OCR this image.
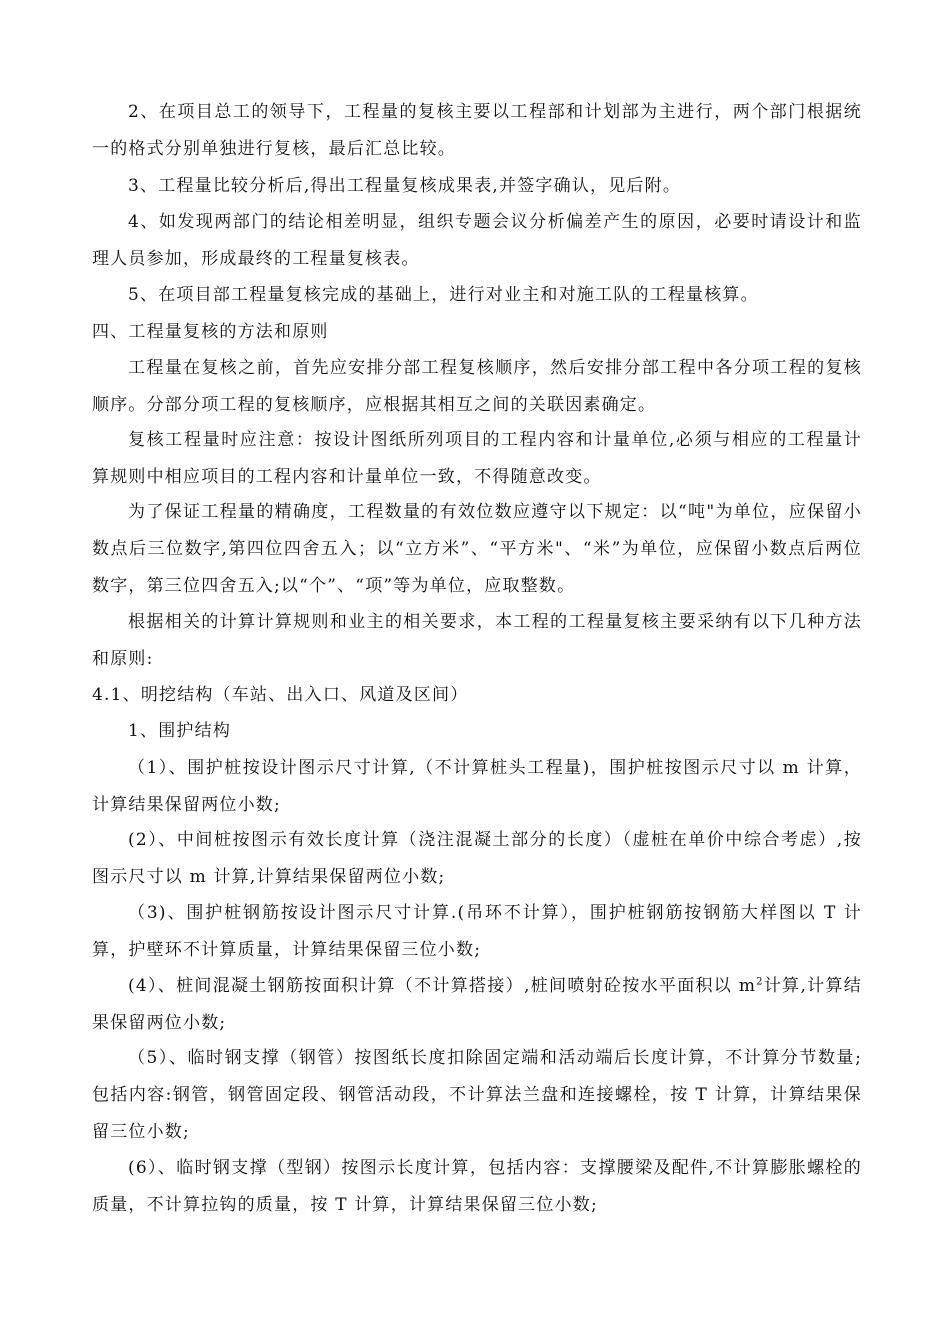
2、在项目总工的领导下，工程量的复核主要以工程部和计划部为主进行，两个部门根据统一的格式分别单独进行复核，最后汇总比较。

3、工程量比较分析后,得出工程量复核成果表,并签字确认，见后附。

4、如发现两部门的结论相差明显，组织专题会议分析偏差产生的原因，必要时请设计和监理人员参加，形成最终的工程量复核表。

5、在项目部工程量复核完成的基础上，进行对业主和对施工队的工程量核算。

四、工程量复核的方法和原则

工程量在复核之前，首先应安排分部工程复核顺序，然后安排分部工程中各分项工程的复核顺序。分部分项工程的复核顺序，应根据其相互之间的关联因素确定。

复核工程量时应注意：按设计图纸所列项目的工程内容和计量单位,必须与相应的工程量计算规则中相应项目的工程内容和计量单位一致，不得随意改变。

为了保证工程量的精确度，工程数量的有效位数应遵守以下规定：以“吨"为单位，应保留小数点后三位数字,第四位四舍五入；以“立方米”、“平方米"、“米”为单位，应保留小数点后两位数字，第三位四舍五入;以“个”、“项”等为单位，应取整数。

根据相关的计算计算规则和业主的相关要求，本工程的工程量复核主要采纳有以下几种方法和原则:

4.1、明挖结构（车站、出入口、风道及区间）

1、围护结构

（1）、围护桩按设计图示尺寸计算,（不计算桩头工程量)，围护桩按图示尺寸以 m 计算，计算结果保留两位小数;

(2）、中间桩按图示有效长度计算（浇注混凝土部分的长度）（虚桩在单价中综合考虑）,按图示尺寸以 m 计算,计算结果保留两位小数;

（3)、围护桩钢筋按设计图示尺寸计算.(吊环不计算），围护桩钢筋按钢筋大样图以 T 计算，护壁环不计算质量，计算结果保留三位小数;

(4）、桩间混凝土钢筋按面积计算（不计算搭接）,桩间喷射砼按水平面积以 $m^2$计算,计算结果保留两位小数;

（5）、临时钢支撑（钢管）按图纸长度扣除固定端和活动端后长度计算，不计算分节数量;包括内容:钢管，钢管固定段、钢管活动段，不计算法兰盘和连接螺栓，按 T 计算，计算结果保留三位小数;

(6）、临时钢支撑（型钢）按图示长度计算，包括内容：支撑腰梁及配件,不计算膨胀螺栓的质量，不计算拉钩的质量，按 T 计算，计算结果保留三位小数;
